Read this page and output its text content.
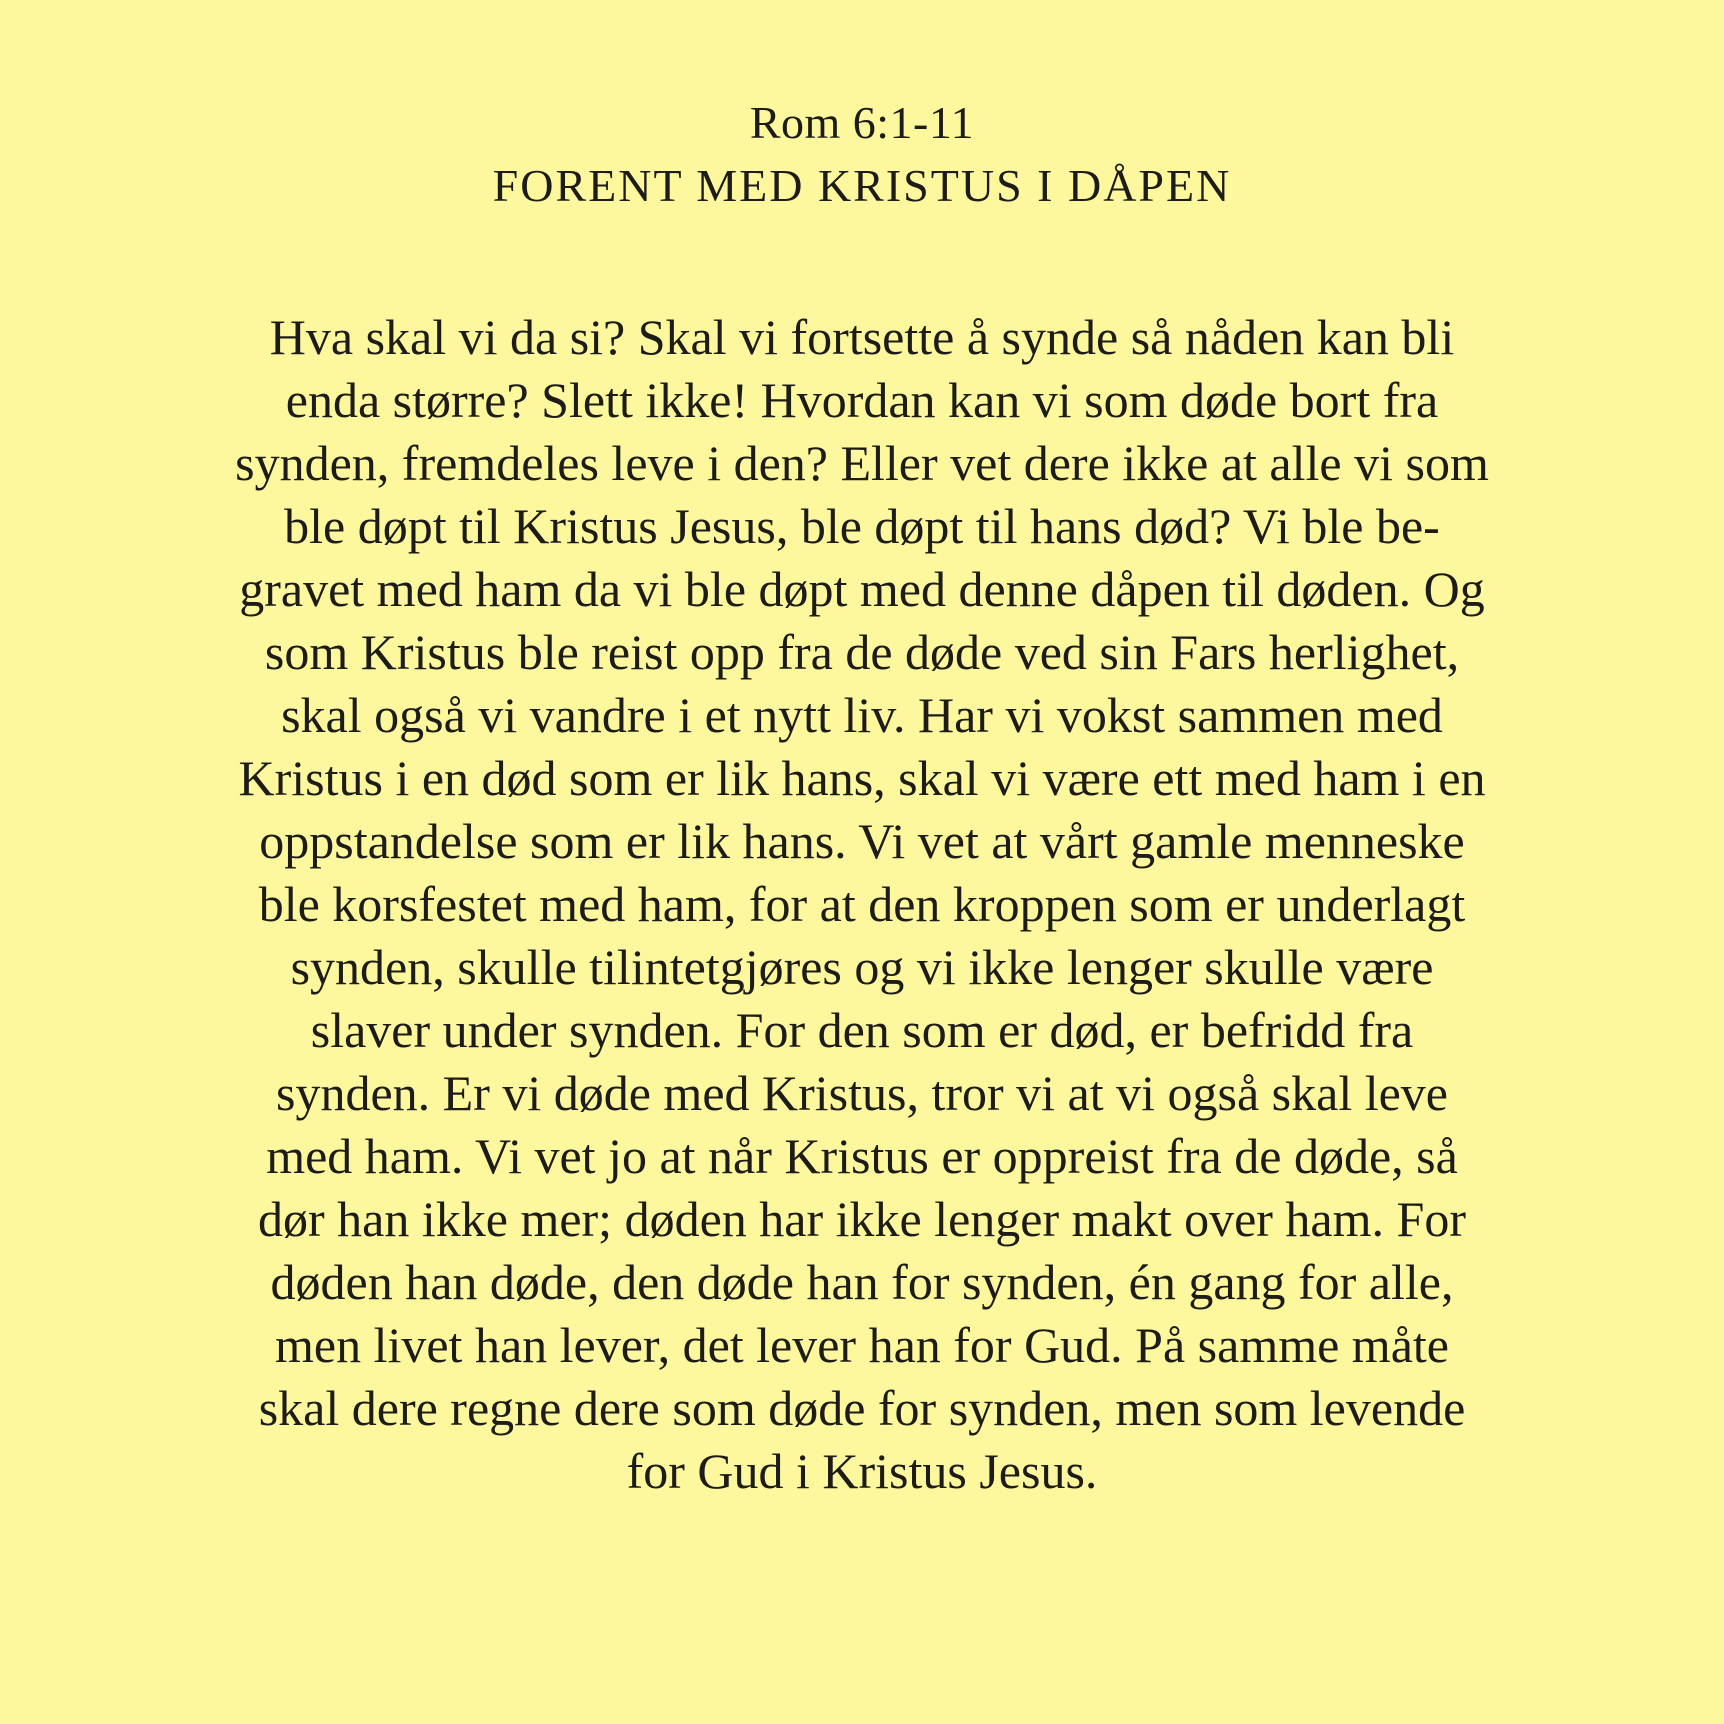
Rom 6:1-11
FORENT MED KRISTUS I DÅPEN
Hva skal vi da si? Skal vi fortsette å synde så nåden kan bli
enda større? Slett ikke! Hvordan kan vi som døde bort fra
synden, fremdeles leve i den? Eller vet dere ikke at alle vi som
ble døpt til Kristus Jesus, ble døpt til hans død? Vi ble be-
gravet med ham da vi ble døpt med denne dåpen til døden. Og
som Kristus ble reist opp fra de døde ved sin Fars herlighet,
skal også vi vandre i et nytt liv. Har vi vokst sammen med
Kristus i en død som er lik hans, skal vi være ett med ham i en
oppstandelse som er lik hans. Vi vet at vårt gamle menneske
ble korsfestet med ham, for at den kroppen som er underlagt
synden, skulle tilintetgjøres og vi ikke lenger skulle være
slaver under synden. For den som er død, er befridd fra
synden. Er vi døde med Kristus, tror vi at vi også skal leve
med ham. Vi vet jo at når Kristus er oppreist fra de døde, så
dør han ikke mer; døden har ikke lenger makt over ham. For
døden han døde, den døde han for synden, én gang for alle,
men livet han lever, det lever han for Gud. På samme måte
skal dere regne dere som døde for synden, men som levende
for Gud i Kristus Jesus.
